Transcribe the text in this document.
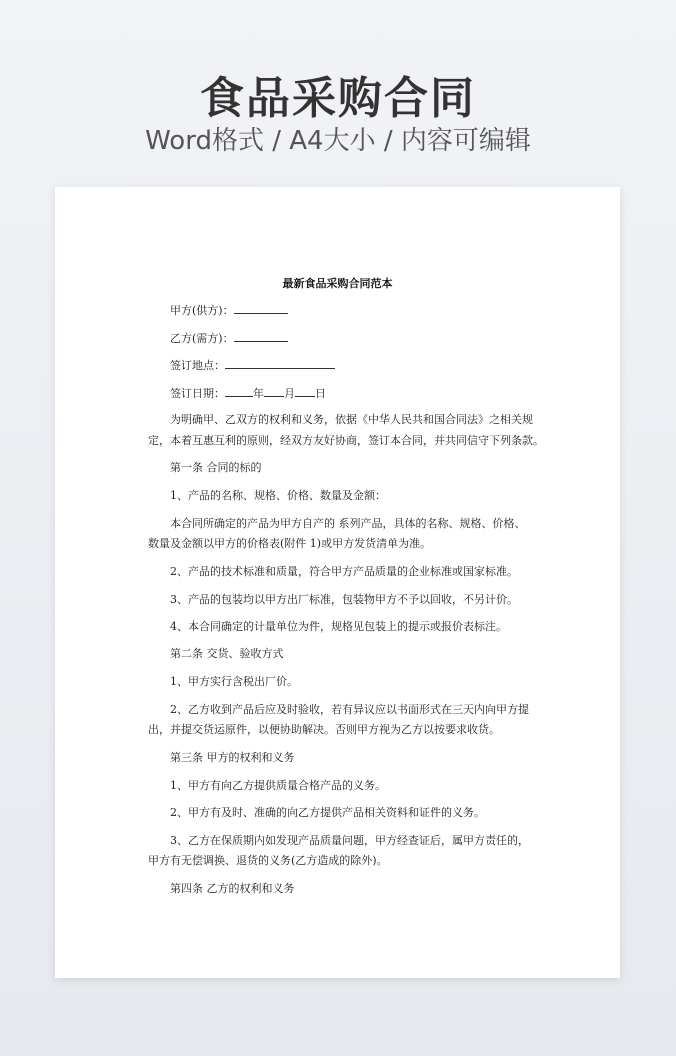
食品采购合同
Word格式 / A4大小 / 内容可编辑
最新食品采购合同范本
甲方(供方)：
乙方(需方)：
签订地点：
签订日期：	年 月 日
为明确甲、乙双方的权利和义务，依据《中华人民共和国合同法》之相关规
定，本着互惠互利的原则，经双方友好协商，签订本合同，并共同信守下列条款。
第一条 合同的标的
1、产品的名称、规格、价格、数量及金额：
本合同所确定的产品为甲方自产的 系列产品，具体的名称、规格、价格、
数量及金额以甲方的价格表(附件 1)或甲方发货清单为准。
2、产品的技术标准和质量，符合甲方产品质量的企业标准或国家标准。
3、产品的包装均以甲方出厂标准，包装物甲方不予以回收，不另计价。
4、本合同确定的计量单位为件，规格见包装上的提示或报价表标注。
第二条 交货、验收方式
1、甲方实行含税出厂价。
2、乙方收到产品后应及时验收，若有异议应以书面形式在三天内向甲方提
出，并提交货运原件，以便协助解决。否则甲方视为乙方以按要求收货。
第三条 甲方的权利和义务
1、甲方有向乙方提供质量合格产品的义务。
2、甲方有及时、准确的向乙方提供产品相关资料和证件的义务。
3、乙方在保质期内如发现产品质量问题，甲方经查证后，属甲方责任的，
甲方有无偿调换、退货的义务(乙方造成的除外)。
第四条 乙方的权利和义务
